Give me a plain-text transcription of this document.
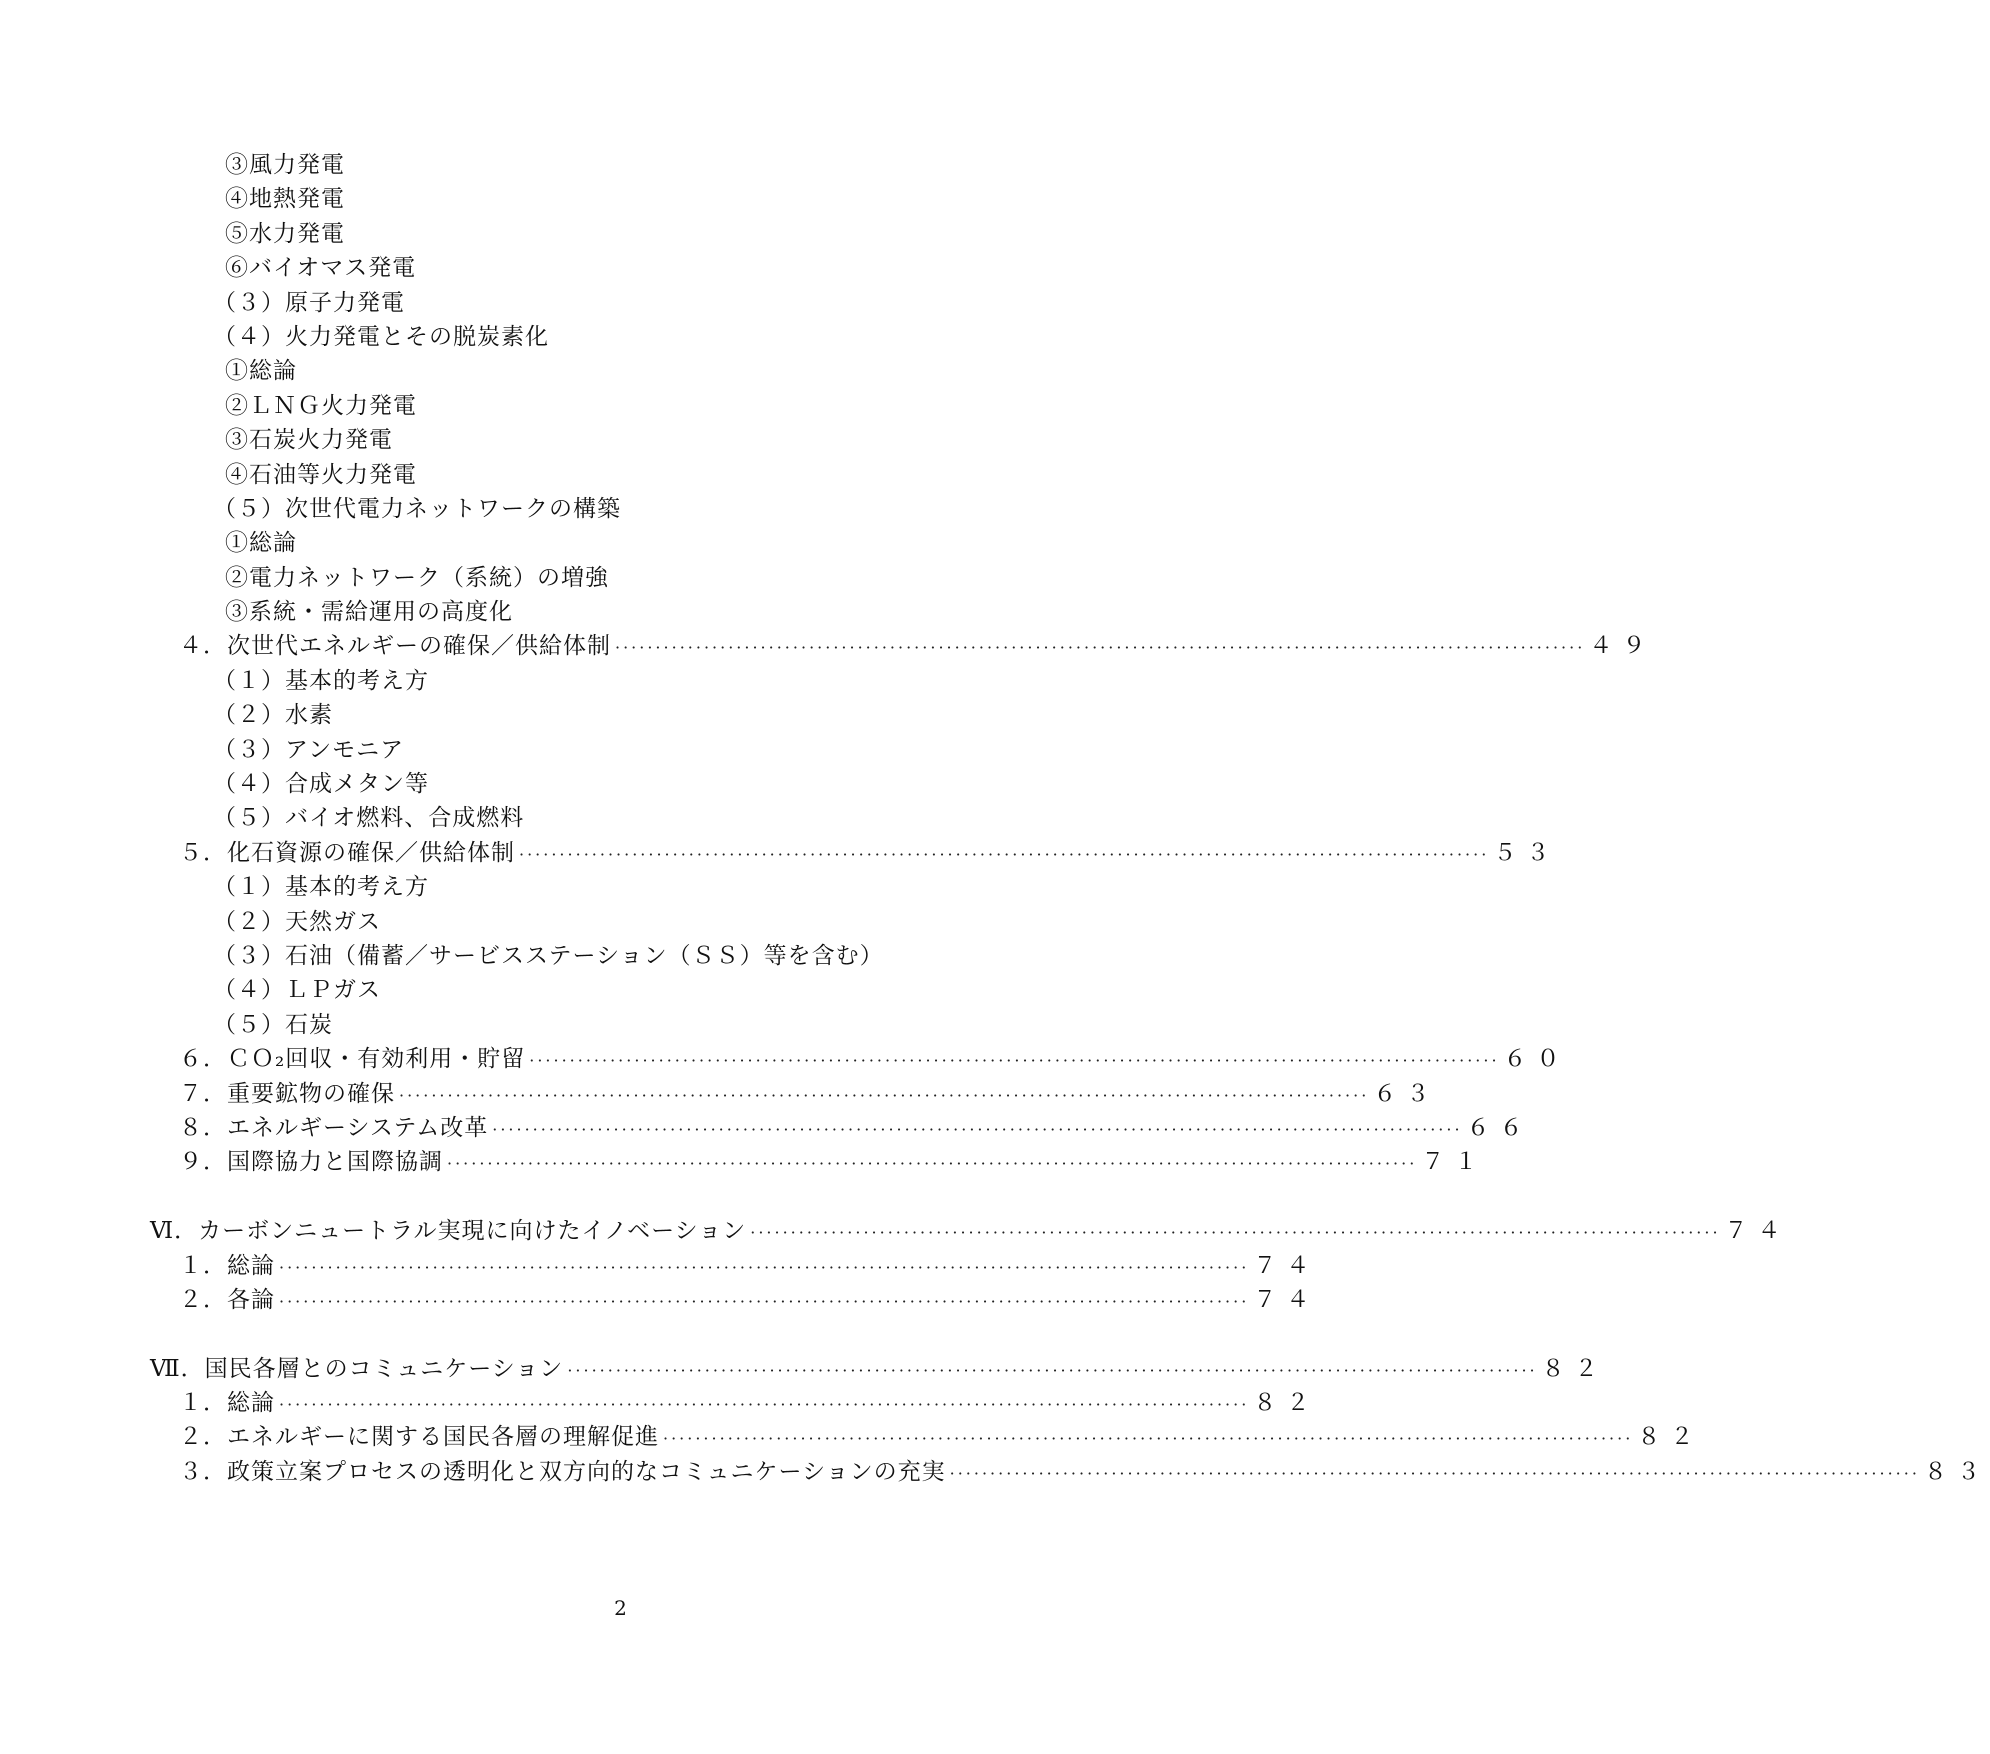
③風力発電
④地熱発電
⑤水力発電
⑥バイオマス発電
（３）原子力発電
（４）火力発電とその脱炭素化
①総論
②ＬＮＧ火力発電
③石炭火力発電
④石油等火力発電
（５）次世代電力ネットワークの構築
①総論
②電力ネットワーク（系統）の増強
③系統・需給運用の高度化
４．次世代エネルギーの確保／供給体制 ························································································································ ４９
（１）基本的考え方
（２）水素
（３）アンモニア
（４）合成メタン等
（５）バイオ燃料、合成燃料
５．化石資源の確保／供給体制 ························································································································ ５３
（１）基本的考え方
（２）天然ガス
（３）石油（備蓄／サービスステーション（ＳＳ）等を含む）
（４）ＬＰガス
（５）石炭
６．ＣＯ₂回収・有効利用・貯留 ························································································································ ６０
７．重要鉱物の確保 ························································································································ ６３
８．エネルギーシステム改革 ························································································································ ６６
９．国際協力と国際協調 ························································································································ ７１
Ⅵ．カーボンニュートラル実現に向けたイノベーション ························································································································ ７４
１．総論 ························································································································ ７４
２．各論 ························································································································ ７４
Ⅶ．国民各層とのコミュニケーション ························································································································ ８２
１．総論 ························································································································ ８２
２．エネルギーに関する国民各層の理解促進 ························································································································ ８２
３．政策立案プロセスの透明化と双方向的なコミュニケーションの充実 ························································································································ ８３
2
